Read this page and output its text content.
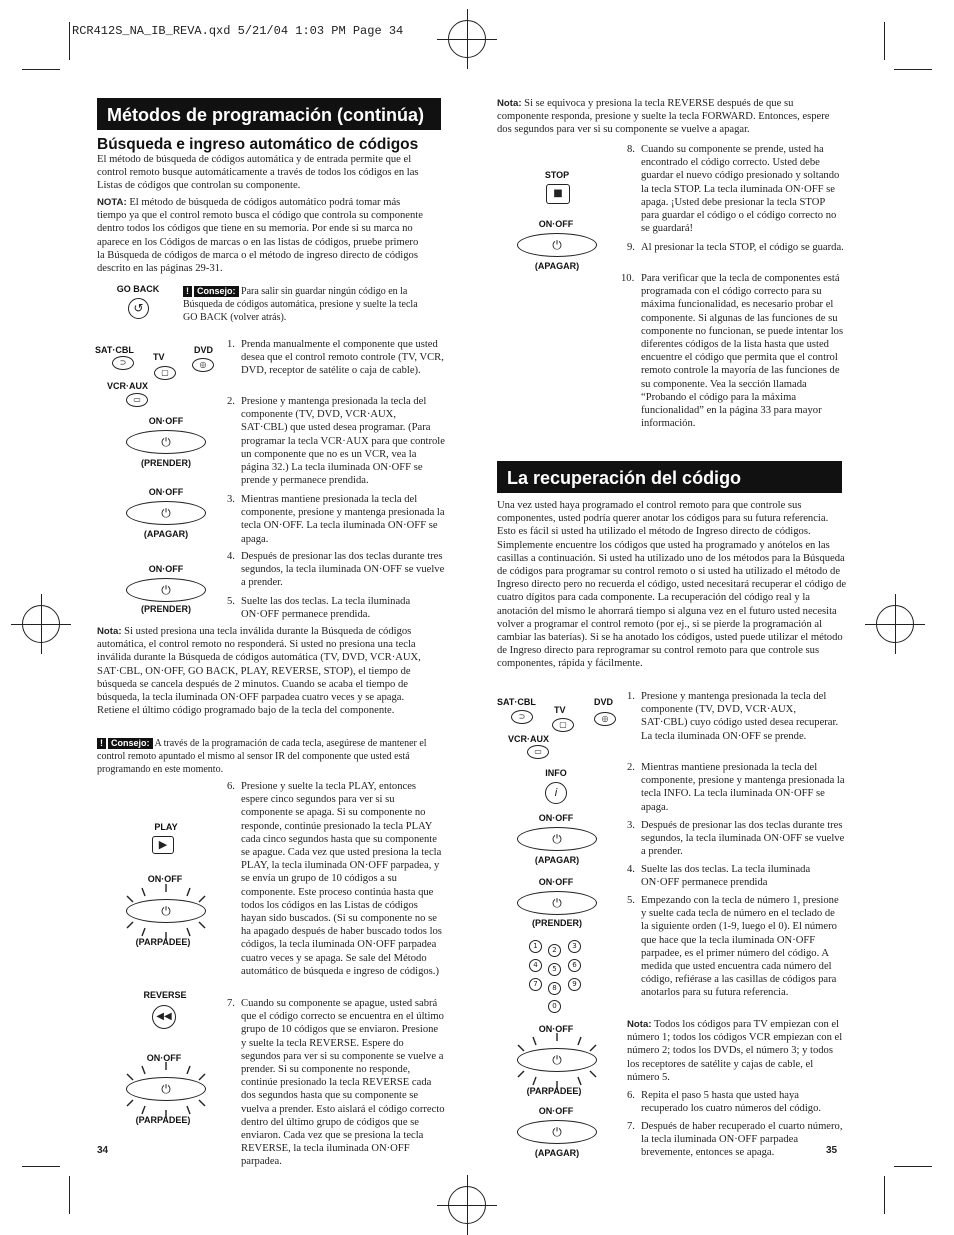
RCR412S_NA_IB_REVA.qxd 5/21/04 1:03 PM Page 34
Métodos de programación (continúa)
Búsqueda e ingreso automático de códigos
El método de búsqueda de códigos automática y de entrada permite que el control remoto busque automáticamente a través de todos los códigos en las Listas de códigos que controlan su componente.
NOTA: El método de búsqueda de códigos automático podrá tomar más tiempo ya que el control remoto busca el código que controla su componente dentro todos los códigos que tiene en su memoria. Por ende si su marca no aparece en los Códigos de marcas o en las listas de códigos, pruebe primero la Búsqueda de códigos de marca o el método de ingreso directo de códigos descrito en las páginas 29-31.
GO BACK
↺
! Consejo: Para salir sin guardar ningún código en la Búsqueda de códigos automática, presione y suelte la tecla GO BACK (volver atrás).
SAT·CBL
TV
DVD
⊃
▢
◎
VCR·AUX
▭
ON·OFF
⏻
(PRENDER)
ON·OFF
⏻
(APAGAR)
ON·OFF
⏻
(PRENDER)
1. Prenda manualmente el componente que usted desea que el control remoto controle (TV, VCR, DVD, receptor de satélite o caja de cable).
2. Presione y mantenga presionada la tecla del componente (TV, DVD, VCR·AUX, SAT·CBL) que usted desea programar. (Para programar la tecla VCR·AUX para que controle un componente que no es un VCR, vea la página 32.) La tecla iluminada ON·OFF se prende y permanece prendida.
3. Mientras mantiene presionada la tecla del componente, presione y mantenga presionada la tecla ON·OFF. La tecla iluminada ON·OFF se apaga.
4. Después de presionar las dos teclas durante tres segundos, la tecla iluminada ON·OFF se vuelve a prender.
5. Suelte las dos teclas. La tecla iluminada ON·OFF permanece prendida.
Nota: Si usted presiona una tecla inválida durante la Búsqueda de códigos automática, el control remoto no responderá. Si usted no presiona una tecla inválida durante la Búsqueda de códigos automática (TV, DVD, VCR·AUX, SAT·CBL, ON·OFF, GO BACK, PLAY, REVERSE, STOP), el tiempo de búsqueda se cancela después de 2 minutos. Cuando se acaba el tiempo de búsqueda, la tecla iluminada ON·OFF parpadea cuatro veces y se apaga. Retiene el último código programado bajo de la tecla del componente.
! Consejo: A través de la programación de cada tecla, asegúrese de mantener el control remoto apuntado el mismo al sensor IR del componente que usted está programando en este momento.
PLAY
▶
ON·OFF
⏻
(PARPADEE)
REVERSE
◀◀
ON·OFF
⏻
(PARPADEE)
6. Presione y suelte la tecla PLAY, entonces espere cinco segundos para ver si su componente se apaga. Si su componente no responde, continúe presionado la tecla PLAY cada cinco segundos hasta que su componente se apague. Cada vez que usted presiona la tecla PLAY, la tecla iluminada ON·OFF parpadea, y se envía un grupo de 10 códigos a su componente. Este proceso continúa hasta que todos los códigos en las Listas de códigos hayan sido buscados. (Si su componente no se ha apagado después de haber buscado todos los códigos, la tecla iluminada ON·OFF parpadea cuatro veces y se apaga. Se sale del Método automático de búsqueda e ingreso de códigos.)
7. Cuando su componente se apague, usted sabrá que el código correcto se encuentra en el último grupo de 10 códigos que se enviaron. Presione y suelte la tecla REVERSE. Espere do segundos para ver si su componente se vuelve a prender. Si su componente no responde, continúe presionado la tecla REVERSE cada dos segundos hasta que su componente se vuelva a prender. Esto aislará el código correcto dentro del último grupo de códigos que se enviaron. Cada vez que se presiona la tecla REVERSE, la tecla iluminada ON·OFF parpadea.
34
Nota: Si se equivoca y presiona la tecla REVERSE después de que su componente responda, presione y suelte la tecla FORWARD. Entonces, espere dos segundos para ver si su componente se vuelve a apagar.
STOP
■
ON·OFF
⏻
(APAGAR)
8. Cuando su componente se prende, usted ha encontrado el código correcto. Usted debe guardar el nuevo código presionado y soltando la tecla STOP. La tecla iluminada ON·OFF se apaga. ¡Usted debe presionar la tecla STOP para guardar el código o el código correcto no se guardará!
9. Al presionar la tecla STOP, el código se guarda.
10. Para verificar que la tecla de componentes está programada con el código correcto para su máxima funcionalidad, es necesario probar el componente. Si algunas de las funciones de su componente no funcionan, se puede intentar los diferentes códigos de la lista hasta que usted encuentre el código que permita que el control remoto controle la mayoría de las funciones de su componente. Vea la sección llamada “Probando el código para la máxima funcionalidad” en la página 33 para mayor información.
La recuperación del código
Una vez usted haya programado el control remoto para que controle sus componentes, usted podría querer anotar los códigos para su futura referencia. Esto es fácil si usted ha utilizado el método de Ingreso directo de códigos. Simplemente encuentre los códigos que usted ha programado y anótelos en las casillas a continuación. Si usted ha utilizado uno de los métodos para la Búsqueda de códigos para programar su control remoto o si usted ha utilizado el método de Ingreso directo pero no recuerda el código, usted necesitará recuperar el código de cuatro dígitos para cada componente. La recuperación del código real y la anotación del mismo le ahorrará tiempo si alguna vez en el futuro usted necesita volver a programar el control remoto (por ej., si se pierde la programación al cambiar las baterías). Si se ha anotado los códigos, usted puede utilizar el método de Ingreso directo para reprogramar su control remoto para que controle sus componentes, rápida y fácilmente.
SAT·CBL
TV
DVD
⊃
▢
◎
VCR·AUX
▭
INFO
i
ON·OFF
⏻
(APAGAR)
ON·OFF
⏻
(PRENDER)
1	2	3
4	5	6
7	8	9
0
ON·OFF
⏻
(PARPADEE)
ON·OFF
⏻
(APAGAR)
1. Presione y mantenga presionada la tecla del componente (TV, DVD, VCR·AUX, SAT·CBL) cuyo código usted desea recuperar. La tecla iluminada ON·OFF se prende.
2. Mientras mantiene presionada la tecla del componente, presione y mantenga presionada la tecla INFO. La tecla iluminada ON·OFF se apaga.
3. Después de presionar las dos teclas durante tres segundos, la tecla iluminada ON·OFF se vuelve a prender.
4. Suelte las dos teclas. La tecla iluminada ON·OFF permanece prendida
5. Empezando con la tecla de número 1, presione y suelte cada tecla de número en el teclado de la siguiente orden (1-9, luego el 0). El número que hace que la tecla iluminada ON·OFF parpadee, es el primer número del código. A medida que usted encuentra cada número del código, refiérase a las casillas de códigos para anotarlos para su futura referencia.
Nota: Todos los códigos para TV empiezan con el número 1; todos los códigos VCR empiezan con el número 2; todos los DVDs, el número 3; y todos los receptores de satélite y cajas de cable, el número 5.
6. Repita el paso 5 hasta que usted haya recuperado los cuatro números del código.
7. Después de haber recuperado el cuarto número, la tecla iluminada ON·OFF parpadea brevemente, entonces se apaga.	35
